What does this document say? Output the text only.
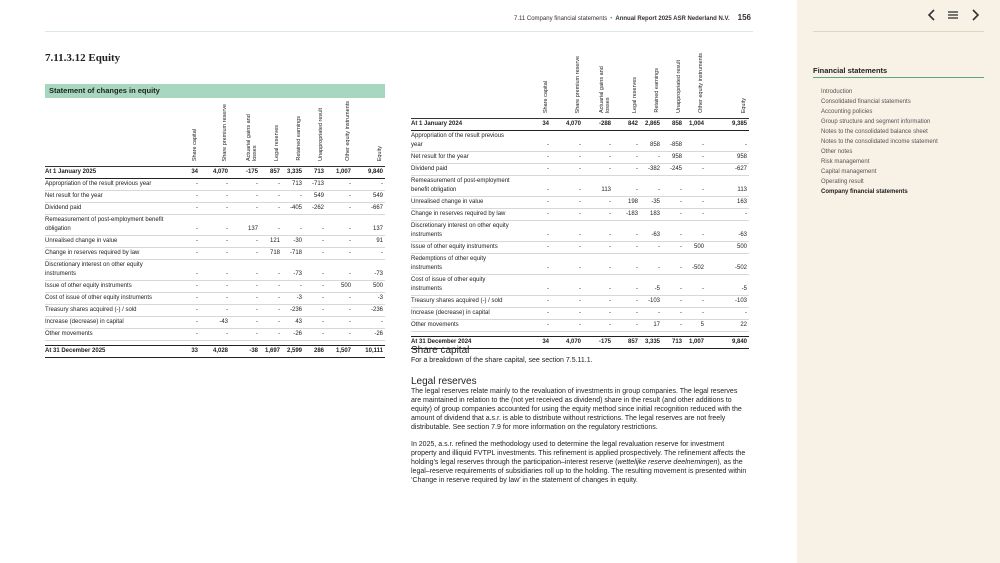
7.11 Company financial statements • Annual Report 2025 ASR Nederland N.V. 156
7.11.3.12 Equity
Statement of changes in equity
	Share capital	Share premium reserve	Actuarial gains and losses	Legal reserves	Retained earnings	Unappropriated result	Other equity instruments	Equity
At 1 January 2025	34	4,070	-175	857	3,335	713	1,007	9,840
Appropriation of the result previous year	-	-	-	-	713	-713	-	-
Net result for the year	-	-	-	-	-	549	-	549
Dividend paid	-	-	-	-	-405	-262	-	-667
Remeasurement of post-employment benefit obligation	-	-	137	-	-	-	-	137
Unrealised change in value	-	-	-	121	-30	-	-	91
Change in reserves required by law	-	-	-	718	-718	-	-	-
Discretionary interest on other equity instruments	-	-	-	-	-73	-	-	-73
Issue of other equity instruments	-	-	-	-	-	-	500	500
Cost of issue of other equity instruments	-	-	-	-	-3	-	-	-3
Treasury shares acquired (-) / sold	-	-	-	-	-236	-	-	-236
Increase (decrease) in capital	-	-43	-	-	43	-	-	-
Other movements	-	-	-	-	-26	-	-	-26

At 31 December 2025	33	4,028	-38	1,697	2,599	286	1,507	10,111
	Share capital	Share premium reserve	Actuarial gains and losses	Legal reserves	Retained earnings	Unappropriated result	Other equity instruments	Equity
At 1 January 2024	34	4,070	-288	842	2,865	858	1,004	9,385
Appropriation of the result previous year	-	-	-	-	858	-858	-	-
Net result for the year	-	-	-	-	-	958	-	958
Dividend paid	-	-	-	-	-382	-245	-	-627
Remeasurement of post-employment benefit obligation	-	-	113	-	-	-	-	113
Unrealised change in value	-	-	-	198	-35	-	-	163
Change in reserves required by law	-	-	-	-183	183	-	-	-
Discretionary interest on other equity instruments	-	-	-	-	-63	-	-	-63
Issue of other equity instruments	-	-	-	-	-	-	500	500
Redemptions of other equity instruments	-	-	-	-	-	-	-502	-502
Cost of issue of other equity instruments	-	-	-	-	-5	-	-	-5
Treasury shares acquired (-) / sold	-	-	-	-	-103	-	-	-103
Increase (decrease) in capital	-	-	-	-	-	-	-	-
Other movements	-	-	-	-	17	-	5	22

At 31 December 2024	34	4,070	-175	857	3,335	713	1,007	9,840
Share capital
For a breakdown of the share capital, see section 7.5.11.1.
Legal reserves
The legal reserves relate mainly to the revaluation of investments in group companies. The legal reserves are maintained in relation to the (not yet received as dividend) share in the result (and other additions to equity) of group companies accounted for using the equity method since initial recognition reduced with the amount of dividend that a.s.r. is able to distribute without restrictions. The legal reserves are not freely distributable. See section 7.9 for more information on the regulatory restrictions.
In 2025, a.s.r. refined the methodology used to determine the legal revaluation reserve for investment property and illiquid FVTPL investments. This refinement is applied prospectively. The refinement affects the holding's legal reserves through the participation–interest reserve (wettelijke reserve deelnemingen), as the legal–reserve requirements of subsidiaries roll up to the holding. The resulting movement is presented within ‘Change in reserve required by law’ in the statement of changes in equity.
Financial statements
Introduction
Consolidated financial statements
Accounting policies
Group structure and segment information
Notes to the consolidated balance sheet
Notes to the consolidated income statement
Other notes
Risk management
Capital management
Operating result
Company financial statements
